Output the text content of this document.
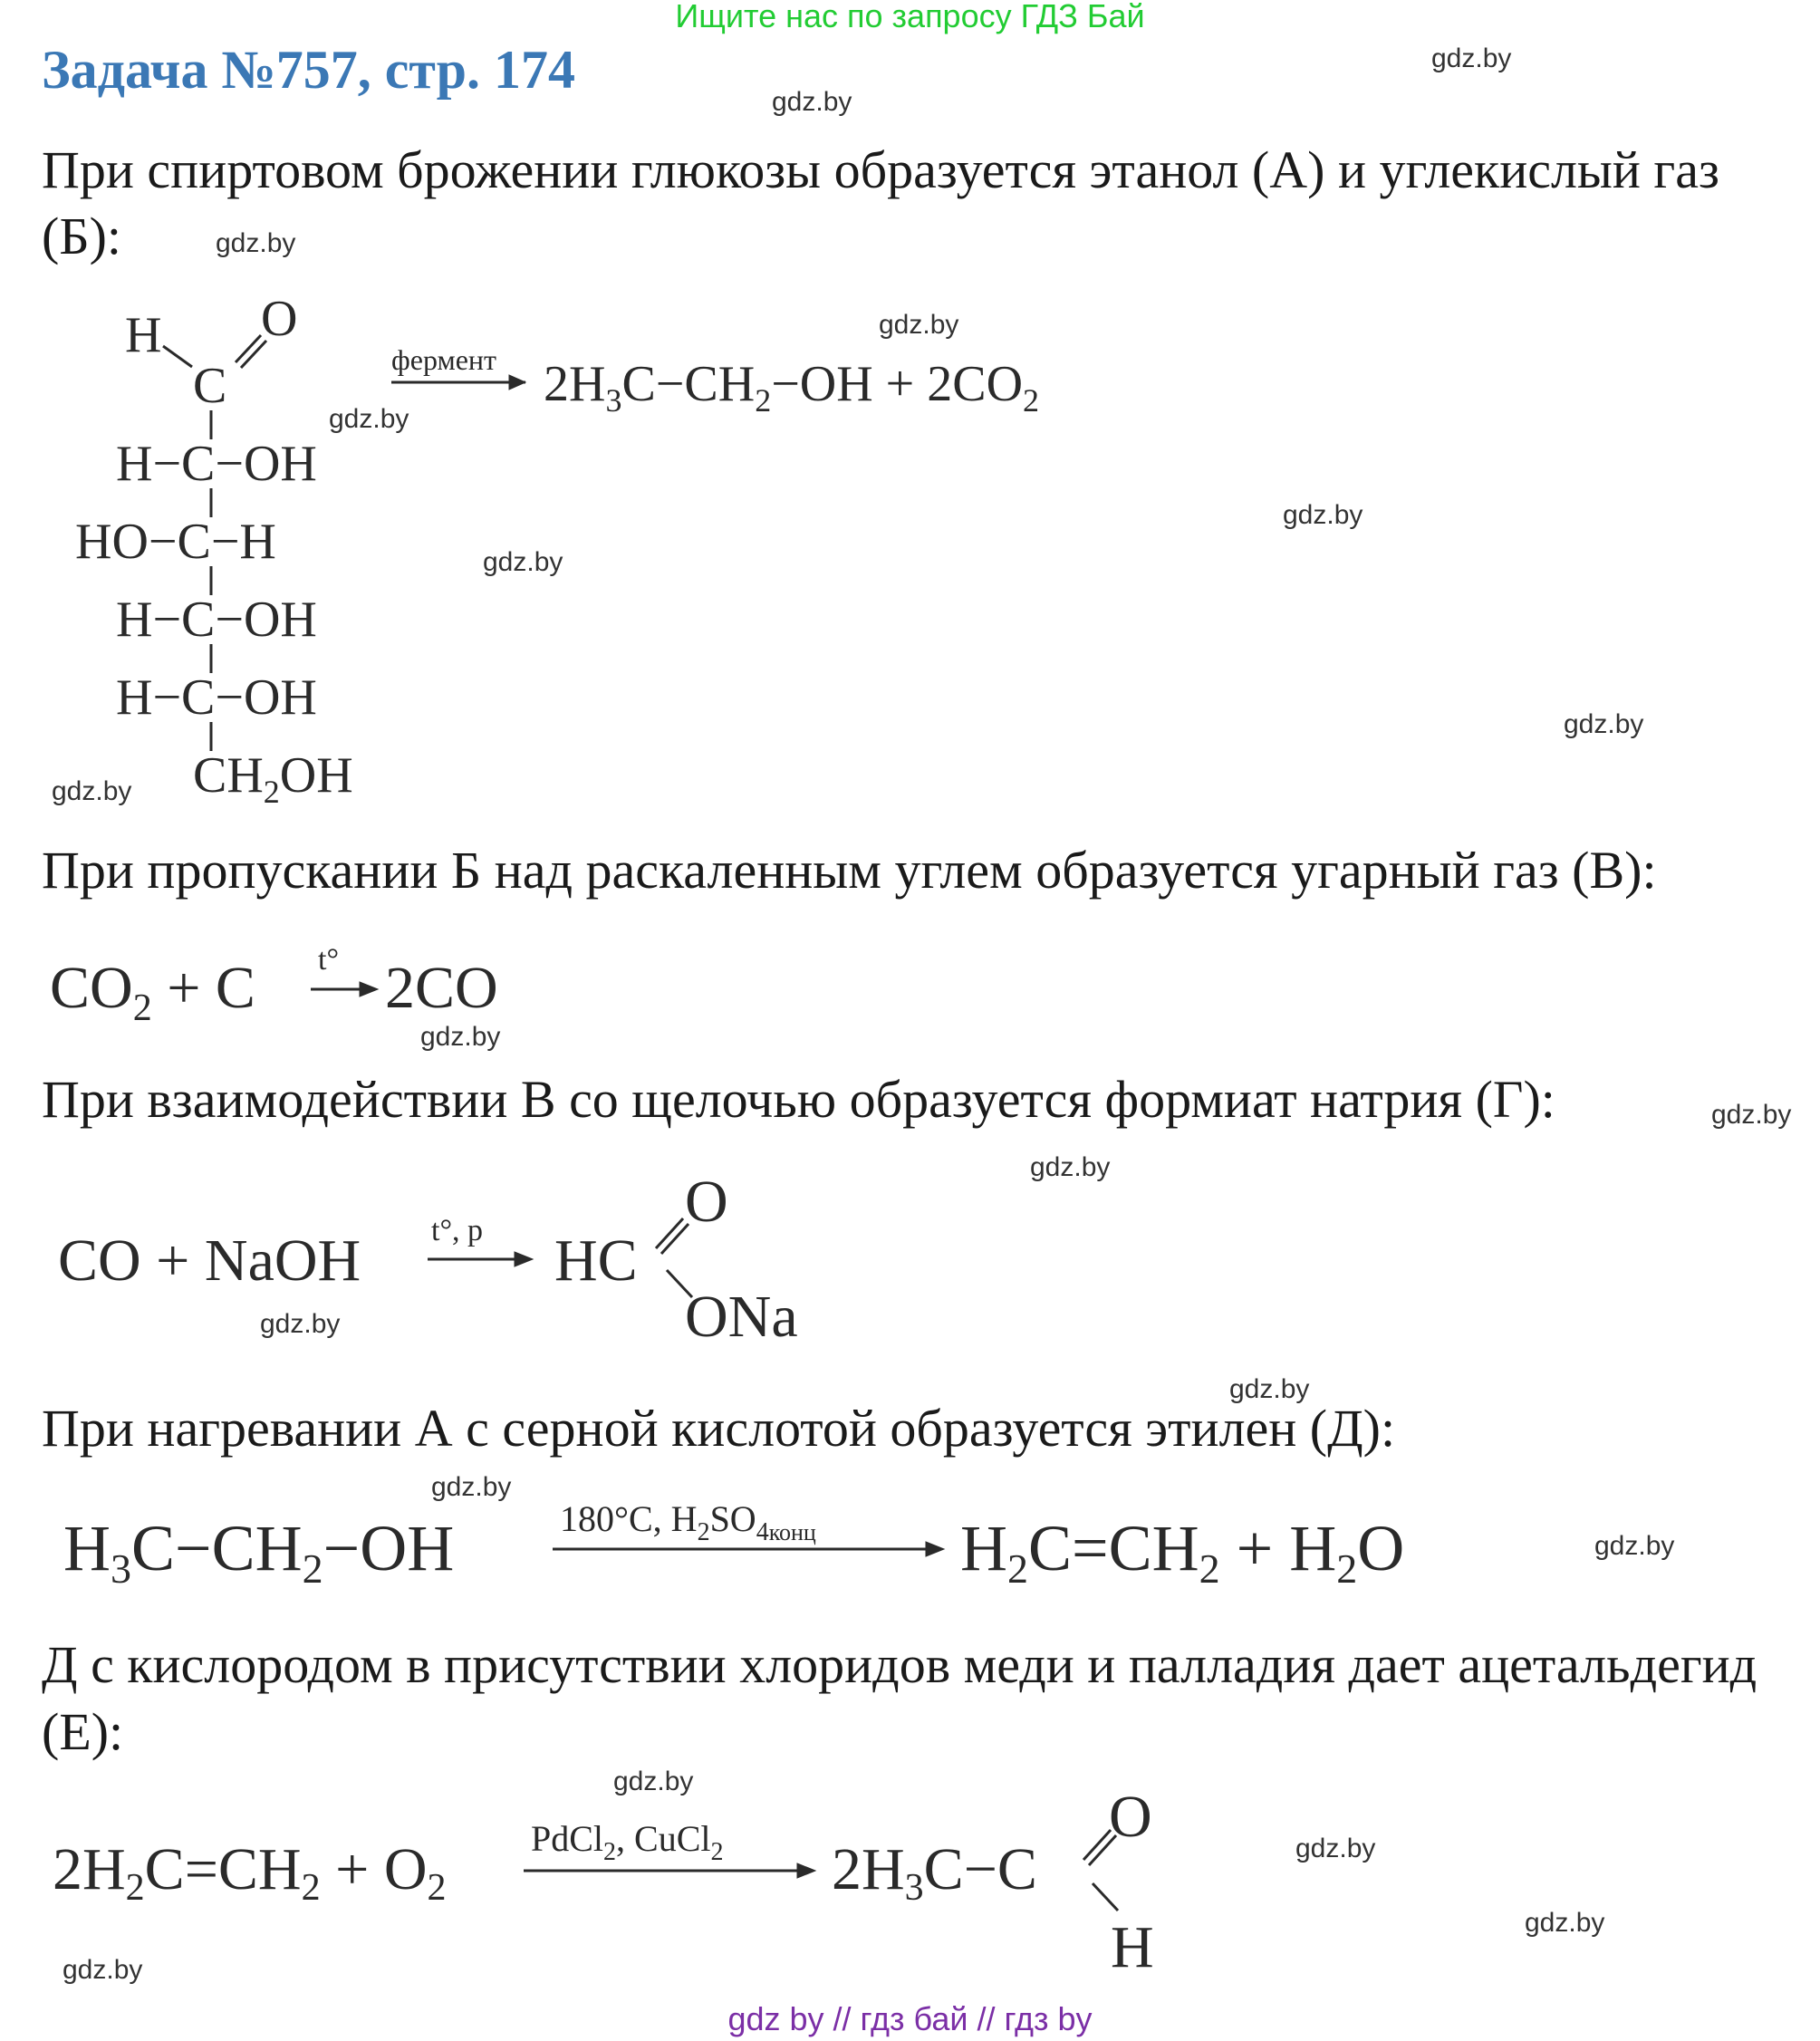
Ищите нас по запросу ГДЗ Бай
Задача №757, стр. 174
При спиртовом брожении глюкозы образуется этанол (А) и углекислый газ
(Б):
H O
C
H−C−OH
HO−C−H
H−C−OH
H−C−OH
$CH_2OH$
фермент $2H_3C-CH_2-OH + 2CO_2$
При пропускании Б над раскаленным углем образуется угарный газ (В):
$CO_2 + C$ t° 2CO
При взаимодействии В со щелочью образуется формиат натрия (Г):
CO + NaOH t°, p HC
O
ONa
При нагревании А с серной кислотой образуется этилен (Д):
H3C−CH2−OH	180°C, $H_2SO_4конц$ H2C=CH2 + H2O
Д с кислородом в присутствии хлоридов меди и палладия дает ацетальдегид
(Е):
2H2C=CH2 + O2
PdCl$_2$, CuCl$_2$ 2H3C−C
O
H
gdz.by
gdz.by
gdz.by
gdz.by
gdz.by
gdz.by
gdz.by
gdz.by
gdz.by
gdz.by
gdz.by
gdz.by
gdz.by
gdz.by
gdz.by
gdz.by
gdz.by
gdz.by
gdz.by
gdz.by
gdz by // гдз бай // гдз by
